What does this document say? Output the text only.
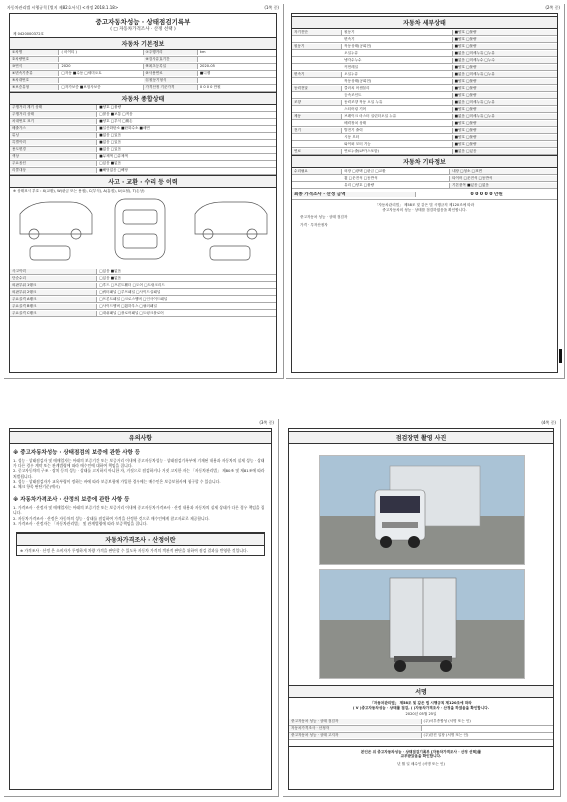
자동차관리법 시행규칙 [별지 제82호서식] <개정 2018.1.18>	(1쪽 중)
중고자동차성능 · 상태점검기록부
( □ 자동차가격조사 · 산정 선택 )
제 0420000372호
자동차 기본정보
①차명	( 마이티 )	⑦주행거리	km
②차량번호	⑧검사유효기간
③연식	2020	⑨최초등록일	2020-05
④변속기종류	□자동 ■수동 □세미오토	⑩사용연료	■디젤
⑤차대번호	⑪원동기형식
⑥보증유형	□자가보증 ■보험사보증	가격산정 기준가격	0 0 0 0 만원
자동차 종합상태
주행거리 계기 상태	■양호 □불량
주행거리 상태	□많음 ■보통 □적음
차대번호 표기	■양호 □부식 □훼손
배출가스	■일산화탄소 ■탄화수소 ■매연
튜닝	■없음 □있음
특별이력	■없음 □있음
용도변경	■없음 □있음
색상	■무채색 □유채색
주요옵션	□있음 ■없음
리콜대상	■해당없음 □해당
사고 · 교환 · 수리 등 이력
※ 상태표시 부호 : X(교환), W(판금 또는 용접), C(부식), A(흠집), U(요철), T(손상)
사고이력	□있음 ■없음
단순수리	□있음 ■없음
외판부위 1랭크	□후드 □프론트휀더 □도어 □트렁크리드
외판부위 2랭크	□쿼터패널 □루프패널 □사이드실패널
주요골격 A랭크	□프론트패널 □크로스멤버 □인사이드패널
주요골격 B랭크	□사이드멤버 □휠하우스 □필러패널
주요골격 C랭크	□대쉬패널 □플로어패널 □트렁크플로어
(2쪽 중)
자동차 세부상태
자기진단	원동기	■양호 □불량
변속기	■양호 □불량
원동기	작동상태(공회전)	■양호 □불량
오일누유	■없음 □미세누유 □누유
냉각수누수	■없음 □미세누수 □누수
커먼레일	■양호 □불량
변속기	오일누유	■없음 □미세누유 □누유
작동상태(공회전)	■양호 □불량
동력전달	클러치 어셈블리	■양호 □불량
등속조인트	■양호 □불량
조향	동력조향 작동 오일 누유	■없음 □미세누유 □누유
스티어링 기어	■양호 □불량
제동	브레이크 마스터 실린더오일 누유	■없음 □미세누유 □누유
배력장치 상태	■양호 □불량
전기	발전기 출력	■양호 □불량
시동 모터	■양호 □불량
와이퍼 모터 기능	■양호 □불량
연료	연료누출(LP가스포함)	■없음 □있음
자동차 기타정보
수리필요	외장 □광택 □판금 □교환	내장 □청소 □표면
휠 □운전석 □동반석	타이어 □운전석 □동반석
유리 □양호 □불량	기본품목 ■있음 □없음
최종 가격조사 · 산정 금액	0 0 0 0 0 만원
「자동차관리법」 제58조 및 같은 법 시행규칙 제120조에 따라
중고자동차의 성능 · 상태를 점검하였음을 확인합니다.
중고자동차 성능 · 상태 점검자
가격 · 투자산정자
(3쪽 중)
유의사항
※ 중고자동차성능 · 상태점검의 보증에 관한 사항 등
1. 성능 · 상태점검자 및 매매업자는 아래의 보증기간 또는 보증거리 이내에 중고자동차성능 · 상태점검기록부에 기재된 내용과 자동차의 실제 성능 · 상태가 다른 경우 계약 또는 관계법령에 따라 매수인에 대하여 책임을 집니다.
2. 중고자동차의 구조 · 장치 등의 성능 · 상태를 고지하지 아니한 자, 거짓으로 점검하거나 거짓 고지한 자는 「자동차관리법」 제80조 및 제81조에 따라 처벌됩니다.
3. 성능 · 상태점검자가 교육부령이 정하는 바에 따라 보증보험에 가입한 경우에는 매수인은 보증보험사에 청구할 수 있습니다.
4. 체크 항목 판단기준(예시)
※ 자동차가격조사 · 산정의 보증에 관한 사항 등
1. 가격조사 · 산정자 및 매매업자는 아래의 보증기간 또는 보증거리 이내에 중고자동차가격조사 · 산정 내용과 자동차의 실제 상태가 다른 경우 책임을 집니다.
2. 자동차가격조사 · 산정은 자동차의 성능 · 상태를 점검하여 가격을 산정한 것으로 매수인에게 참고자료로 제공합니다.
3. 가격조사 · 산정자는 「자동차관리법」 및 관계법령에 따라 보증책임을 집니다.
자동차가격조사 · 산정이란
※ 가격조사 · 산정 은 소비자가 투명하게 차량 가격을 판단할 수 있도록 자동차 가격의 객관적 판단을 위하여 점검 결과를 반영한 것입니다.
(4쪽 중)
점검장면 촬영 사진
서명
「자동차관리법」 제58조 및 같은 법 시행규칙 제120조에 따라
( V )중고자동차성능 · 상태를 점검, ( )자동차가격조사 · 산정을 하였음을 확인합니다.
2020년 05월 25일
중고자동차 성능 · 상태 점검자	(주)서부종합성 (서명 또는 인)
자동차가격조사 · 산정자
중고자동차 성능 · 상태 고지자	(주)한진 일장 (서명 또는 인)
본인은 위 중고자동차성능 · 상태점검기록부 [자동차가격조사 · 산정 선택]를
교부받았음을 확인합니다.
년 월 일 매수인 (서명 또는 인)
